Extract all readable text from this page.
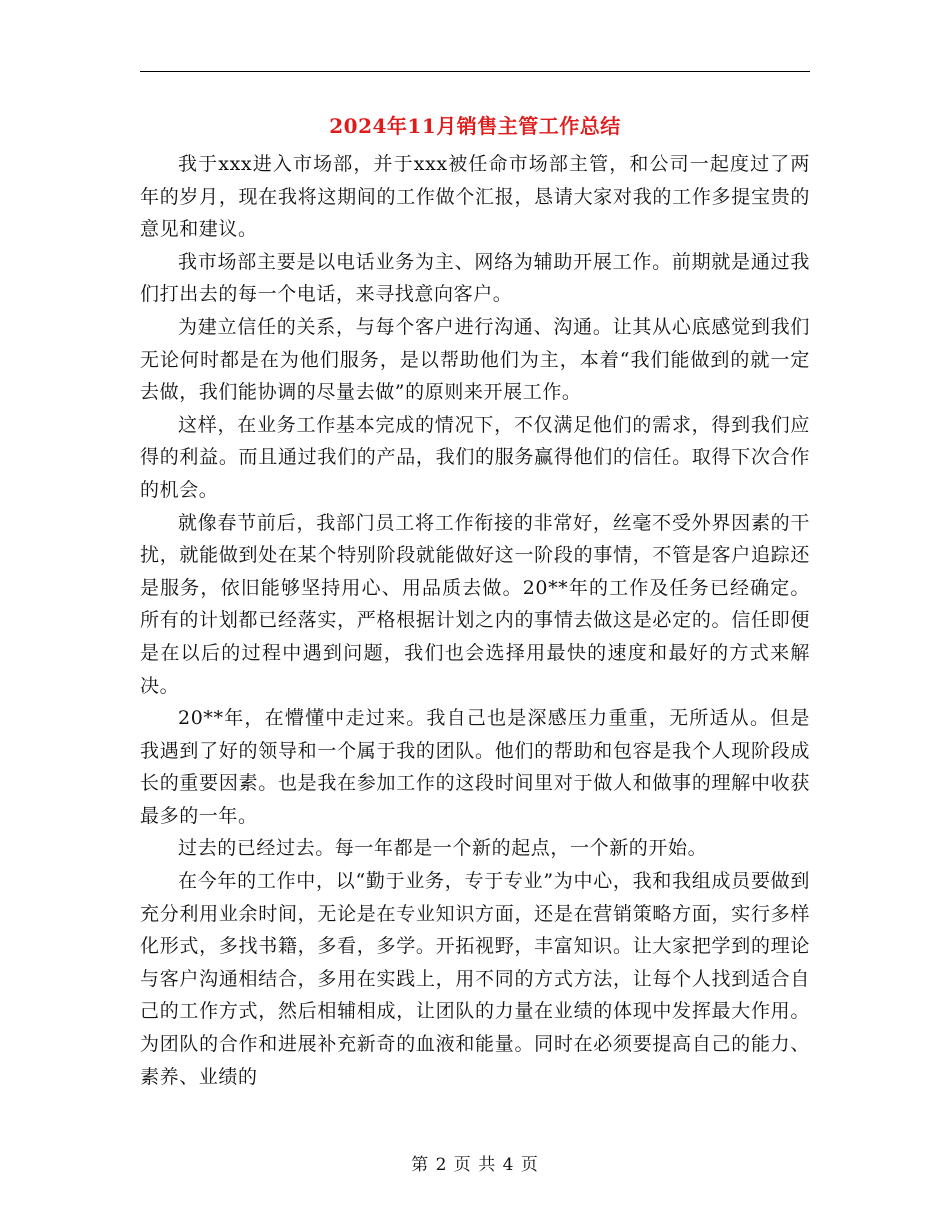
2024年11月销售主管工作总结

我于xxx进入市场部，并于xxx被任命市场部主管，和公司一起度过了两年的岁月，现在我将这期间的工作做个汇报，恳请大家对我的工作多提宝贵的意见和建议。

我市场部主要是以电话业务为主、网络为辅助开展工作。前期就是通过我们打出去的每一个电话，来寻找意向客户。

为建立信任的关系，与每个客户进行沟通、沟通。让其从心底感觉到我们无论何时都是在为他们服务，是以帮助他们为主，本着“我们能做到的就一定去做，我们能协调的尽量去做”的原则来开展工作。

这样，在业务工作基本完成的情况下，不仅满足他们的需求，得到我们应得的利益。而且通过我们的产品，我们的服务赢得他们的信任。取得下次合作的机会。

就像春节前后，我部门员工将工作衔接的非常好，丝毫不受外界因素的干扰，就能做到处在某个特别阶段就能做好这一阶段的事情，不管是客户追踪还是服务，依旧能够坚持用心、用品质去做。20**年的工作及任务已经确定。所有的计划都已经落实，严格根据计划之内的事情去做这是必定的。信任即便是在以后的过程中遇到问题，我们也会选择用最快的速度和最好的方式来解决。

20**年，在懵懂中走过来。我自己也是深感压力重重，无所适从。但是我遇到了好的领导和一个属于我的团队。他们的帮助和包容是我个人现阶段成长的重要因素。也是我在参加工作的这段时间里对于做人和做事的理解中收获最多的一年。

过去的已经过去。每一年都是一个新的起点，一个新的开始。

在今年的工作中，以“勤于业务，专于专业”为中心，我和我组成员要做到充分利用业余时间，无论是在专业知识方面，还是在营销策略方面，实行多样化形式，多找书籍，多看，多学。开拓视野，丰富知识。让大家把学到的理论与客户沟通相结合，多用在实践上，用不同的方式方法，让每个人找到适合自己的工作方式，然后相辅相成，让团队的力量在业绩的体现中发挥最大作用。为团队的合作和进展补充新奇的血液和能量。同时在必须要提高自己的能力、素养、业绩的

第 2 页 共 4 页
